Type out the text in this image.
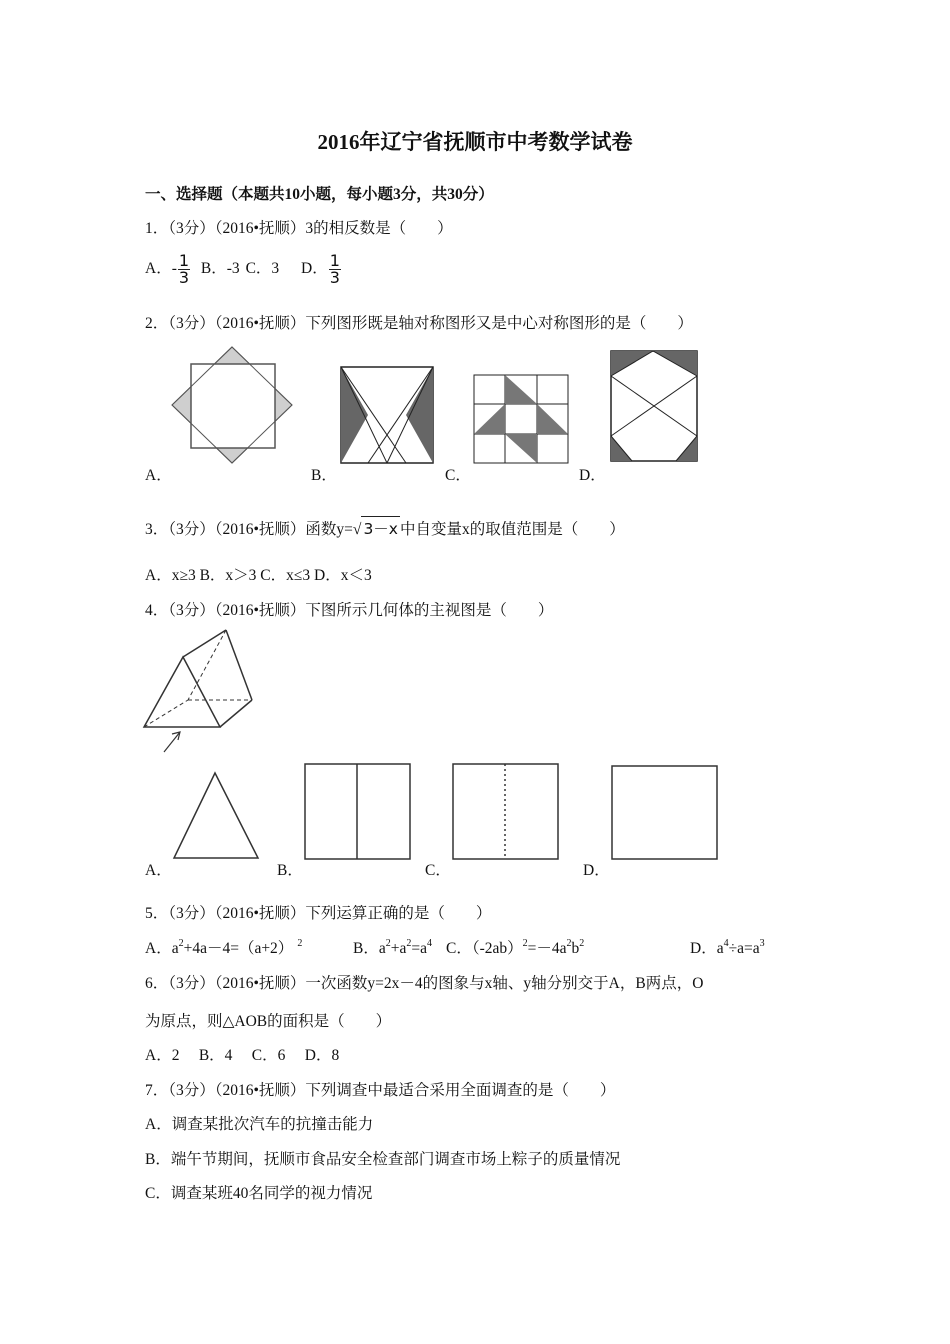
2016年辽宁省抚顺市中考数学试卷
一、选择题（本题共10小题，每小题3分，共30分）
1．（3分）（2016•抚顺）3的相反数是（　　）
A．- $\frac{1}{3}$ B．-3 C．3 D． $\frac{1}{3}$
2．（3分）（2016•抚顺）下列图形既是轴对称图形又是中心对称图形的是（　　）
A．	B．	C．	D．
3．（3分）（2016•抚顺）函数y=√ 3－x 中自变量x的取值范围是（　　）
A．x≥3 B．x＞3 C．x≤3 D．x＜3
4．（3分）（2016•抚顺）下图所示几何体的主视图是（　　）
A．	B．	C．	D．
5．（3分）（2016•抚顺）下列运算正确的是（　　）
A．$a^2+4a-4=(a+2)$ $^2$	B．$a^2+a^2=a^4$ C．$(-2ab)^2=-4a^2b^2$	D．$a^4\div a=a^3$
6．（3分）（2016•抚顺）一次函数y=2x－4的图象与x轴、y轴分别交于A，B两点，O
为原点，则△AOB的面积是（　　）
A．2　 B．4　 C．6　 D．8
7．（3分）（2016•抚顺）下列调查中最适合采用全面调查的是（　　）
A．调查某批次汽车的抗撞击能力
B．端午节期间，抚顺市食品安全检查部门调查市场上粽子的质量情况
C．调查某班40名同学的视力情况
